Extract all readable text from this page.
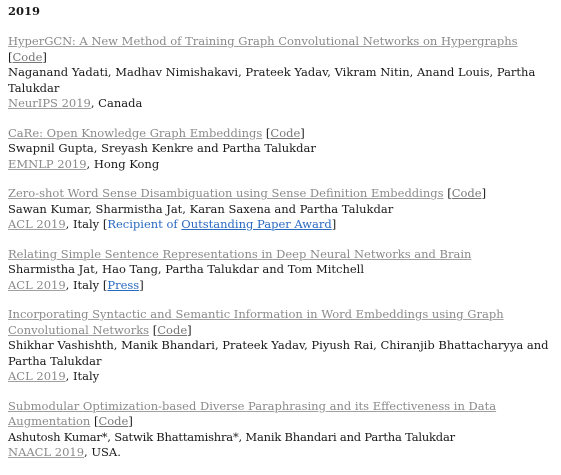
2019
HyperGCN: A New Method of Training Graph Convolutional Networks on Hypergraphs [Code]
Naganand Yadati, Madhav Nimishakavi, Prateek Yadav, Vikram Nitin, Anand Louis, Partha Talukdar
NeurIPS 2019, Canada
CaRe: Open Knowledge Graph Embeddings [Code]
Swapnil Gupta, Sreyash Kenkre and Partha Talukdar
EMNLP 2019, Hong Kong
Zero-shot Word Sense Disambiguation using Sense Definition Embeddings [Code]
Sawan Kumar, Sharmistha Jat, Karan Saxena and Partha Talukdar
ACL 2019, Italy [Recipient of Outstanding Paper Award]
Relating Simple Sentence Representations in Deep Neural Networks and Brain
Sharmistha Jat, Hao Tang, Partha Talukdar and Tom Mitchell
ACL 2019, Italy [Press]
Incorporating Syntactic and Semantic Information in Word Embeddings using Graph Convolutional Networks [Code]
Shikhar Vashishth, Manik Bhandari, Prateek Yadav, Piyush Rai, Chiranjib Bhattacharyya and Partha Talukdar
ACL 2019, Italy
Submodular Optimization-based Diverse Paraphrasing and its Effectiveness in Data Augmentation [Code]
Ashutosh Kumar*, Satwik Bhattamishra*, Manik Bhandari and Partha Talukdar
NAACL 2019, USA.
